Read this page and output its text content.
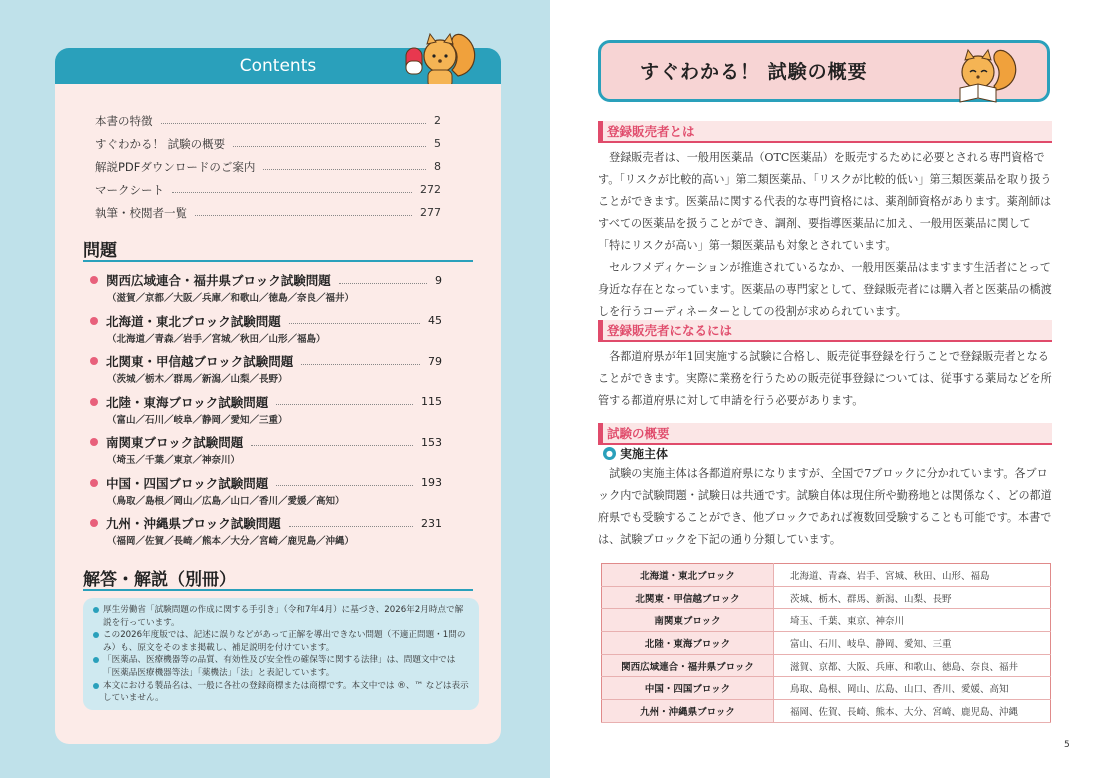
Contents
本書の特徴	2
すぐわかる！ 試験の概要	5
解説PDFダウンロードのご案内	8
マークシート	272
執筆・校閲者一覧	277
問題
関西広域連合・福井県ブロック試験問題	9
（滋賀／京都／大阪／兵庫／和歌山／徳島／奈良／福井）
北海道・東北ブロック試験問題	45
（北海道／青森／岩手／宮城／秋田／山形／福島）
北関東・甲信越ブロック試験問題	79
（茨城／栃木／群馬／新潟／山梨／長野）
北陸・東海ブロック試験問題	115
（富山／石川／岐阜／静岡／愛知／三重）
南関東ブロック試験問題	153
（埼玉／千葉／東京／神奈川）
中国・四国ブロック試験問題	193
（鳥取／島根／岡山／広島／山口／香川／愛媛／高知）
九州・沖縄県ブロック試験問題	231
（福岡／佐賀／長崎／熊本／大分／宮崎／鹿児島／沖縄）
解答・解説（別冊）
厚生労働省「試験問題の作成に関する手引き」（令和7年4月）に基づき、2026年2月時点で解説を行っています。
この2026年度版では、記述に誤りなどがあって正解を導出できない問題（不適正問題・1問のみ）も、原文をそのまま掲載し、補足説明を付けています。
「医薬品、医療機器等の品質、有効性及び安全性の確保等に関する法律」は、問題文中では「医薬品医療機器等法」「薬機法」「法」と表記しています。
本文における製品名は、一般に各社の登録商標または商標です。本文中では ®、™ などは表示していません。
すぐわかる！ 試験の概要
登録販売者とは
登録販売者は、一般用医薬品（OTC医薬品）を販売するために必要とされる専門資格です。「リスクが比較的高い」第二類医薬品、「リスクが比較的低い」第三類医薬品を取り扱うことができます。医薬品に関する代表的な専門資格には、薬剤師資格があります。薬剤師はすべての医薬品を扱うことができ、調剤、要指導医薬品に加え、一般用医薬品に関して「特にリスクが高い」第一類医薬品も対象とされています。
セルフメディケーションが推進されているなか、一般用医薬品はますます生活者にとって身近な存在となっています。医薬品の専門家として、登録販売者には購入者と医薬品の橋渡しを行うコーディネーターとしての役割が求められています。
登録販売者になるには
各都道府県が年1回実施する試験に合格し、販売従事登録を行うことで登録販売者となることができます。実際に業務を行うための販売従事登録については、従事する薬局などを所管する都道府県に対して申請を行う必要があります。
試験の概要
● 実施主体
試験の実施主体は各都道府県になりますが、全国で7ブロックに分かれています。各ブロック内で試験問題・試験日は共通です。試験自体は現住所や勤務地とは関係なく、どの都道府県でも受験することができ、他ブロックであれば複数回受験することも可能です。本書では、試験ブロックを下記の通り分類しています。
北海道・東北ブロック	北海道、青森、岩手、宮城、秋田、山形、福島
北関東・甲信越ブロック	茨城、栃木、群馬、新潟、山梨、長野
南関東ブロック	埼玉、千葉、東京、神奈川
北陸・東海ブロック	富山、石川、岐阜、静岡、愛知、三重
関西広域連合・福井県ブロック	滋賀、京都、大阪、兵庫、和歌山、徳島、奈良、福井
中国・四国ブロック	鳥取、島根、岡山、広島、山口、香川、愛媛、高知
九州・沖縄県ブロック	福岡、佐賀、長崎、熊本、大分、宮崎、鹿児島、沖縄
5
